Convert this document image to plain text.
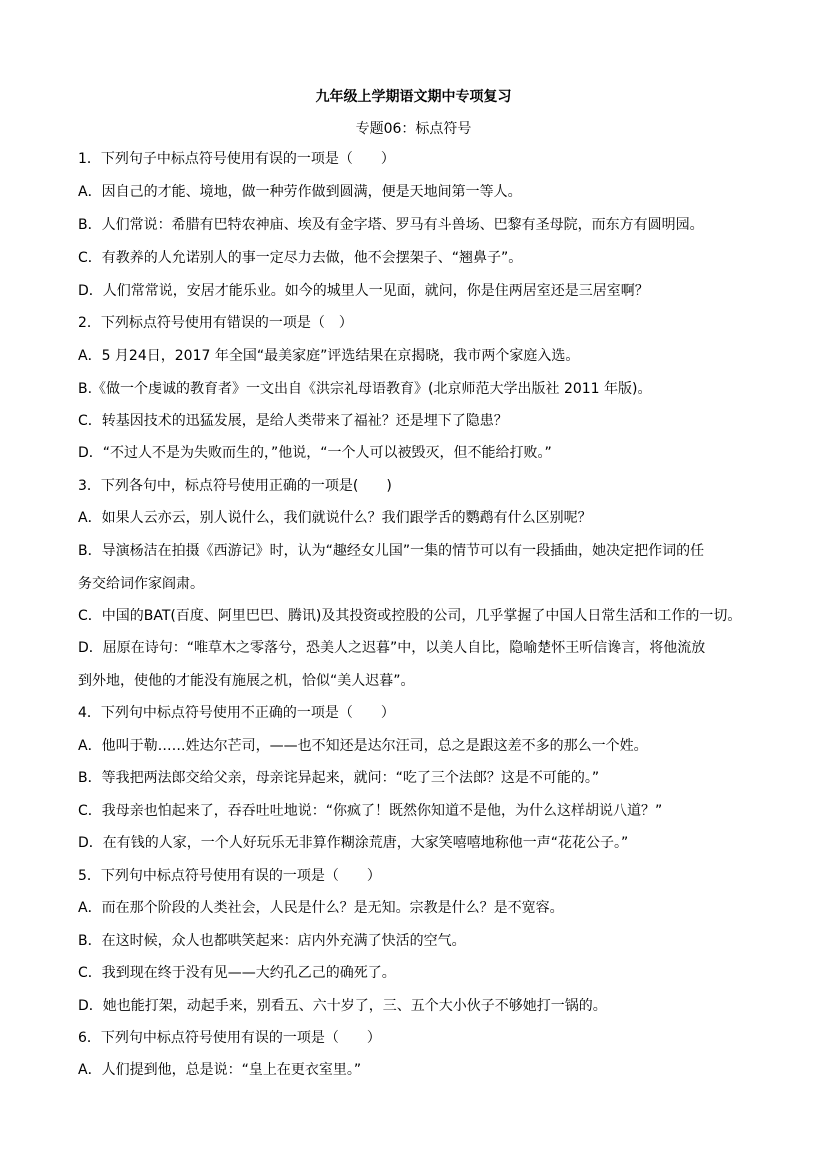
九年级上学期语文期中专项复习
专题06：标点符号
1．下列句子中标点符号使用有误的一项是（　　）
A．因自己的才能、境地，做一种劳作做到圆满，便是天地间第一等人。
B．人们常说：希腊有巴特农神庙、埃及有金字塔、罗马有斗兽场、巴黎有圣母院，而东方有圆明园。
C．有教养的人允诺别人的事一定尽力去做，他不会摆架子、“翘鼻子”。
D．人们常常说，安居才能乐业。如今的城里人一见面，就问，你是住两居室还是三居室啊？
2．下列标点符号使用有错误的一项是（　）
A．5 月24日，2017 年全国“最美家庭”评选结果在京揭晓，我市两个家庭入选。
B.《做一个虔诚的教育者》一文出自《洪宗礼母语教育》(北京师范大学出版社 2011 年版)。
C．转基因技术的迅猛发展，是给人类带来了福祉？还是埋下了隐患？
D．“不过人不是为失败而生的，”他说，“一个人可以被毁灭，但不能给打败。”
3．下列各句中，标点符号使用正确的一项是(　　)
A．如果人云亦云，别人说什么，我们就说什么？我们跟学舌的鹦鹉有什么区别呢？
B．导演杨洁在拍摄《西游记》时，认为“趣经女儿国”一集的情节可以有一段插曲，她决定把作词的任
务交给词作家阎肃。
C．中国的BAT(百度、阿里巴巴、腾讯)及其投资或控股的公司，几乎掌握了中国人日常生活和工作的一切。
D．屈原在诗句：“唯草木之零落兮，恐美人之迟暮”中，以美人自比，隐喻楚怀王听信谗言，将他流放
到外地，使他的才能没有施展之机，恰似“美人迟暮”。
4．下列句中标点符号使用不正确的一项是（　　）
A．他叫于勒……姓达尔芒司，——也不知还是达尔汪司，总之是跟这差不多的那么一个姓。
B．等我把两法郎交给父亲，母亲诧异起来，就问：“吃了三个法郎？这是不可能的。”
C．我母亲也怕起来了，吞吞吐吐地说：“你疯了！既然你知道不是他，为什么这样胡说八道？”
D．在有钱的人家，一个人好玩乐无非算作糊涂荒唐，大家笑嘻嘻地称他一声“花花公子。”
5．下列句中标点符号使用有误的一项是（　　）
A．而在那个阶段的人类社会，人民是什么？是无知。宗教是什么？是不宽容。
B．在这时候，众人也都哄笑起来：店内外充满了快活的空气。
C．我到现在终于没有见——大约孔乙己的确死了。
D．她也能打架，动起手来，别看五、六十岁了，三、五个大小伙子不够她打一锅的。
6．下列句中标点符号使用有误的一项是（　　）
A．人们提到他，总是说：“皇上在更衣室里。”
